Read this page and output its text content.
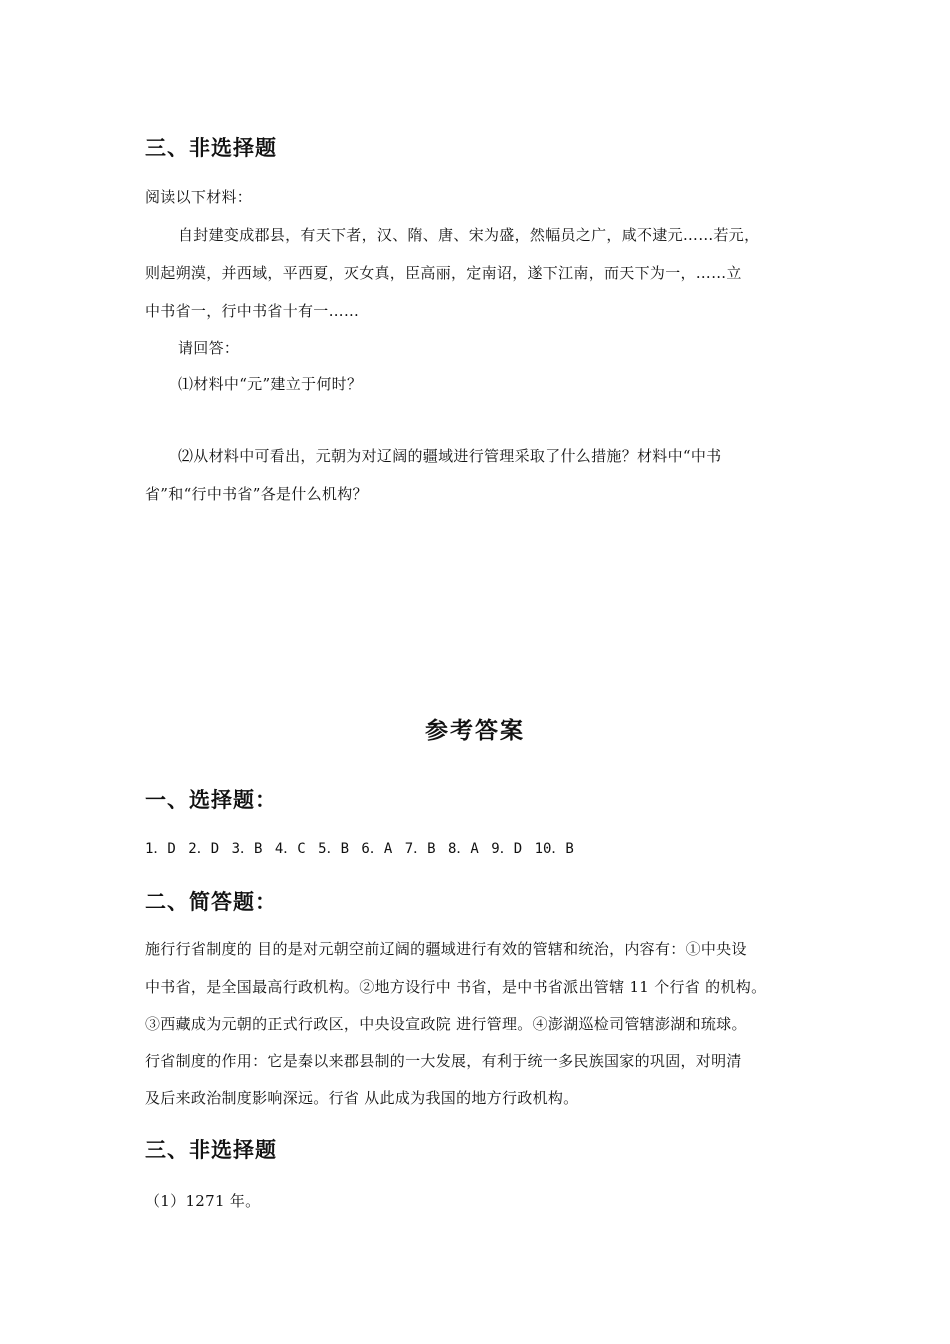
三、非选择题
阅读以下材料：
自封建变成郡县，有天下者，汉、隋、唐、宋为盛，然幅员之广，咸不逮元……若元，
则起朔漠，并西域，平西夏，灭女真，臣高丽，定南诏，遂下江南，而天下为一，……立
中书省一，行中书省十有一……
请回答：
⑴材料中“元”建立于何时？
⑵从材料中可看出，元朝为对辽阔的疆域进行管理采取了什么措施？材料中“中书
省”和“行中书省”各是什么机构？
参考答案
一、选择题：
1．D 2．D 3．B 4．C 5．B 6．A 7．B 8．A 9．D 10．B
二、简答题：
施行行省制度的 目的是对元朝空前辽阔的疆域进行有效的管辖和统治，内容有：①中央设
中书省，是全国最高行政机构。②地方设行中 书省，是中书省派出管辖 11 个行省 的机构。
③西藏成为元朝的正式行政区，中央设宣政院 进行管理。④澎湖巡检司管辖澎湖和琉球。
行省制度的作用：它是秦以来郡县制的一大发展，有利于统一多民族国家的巩固，对明清
及后来政治制度影响深远。行省 从此成为我国的地方行政机构。
三、非选择题
（1）1271 年。
